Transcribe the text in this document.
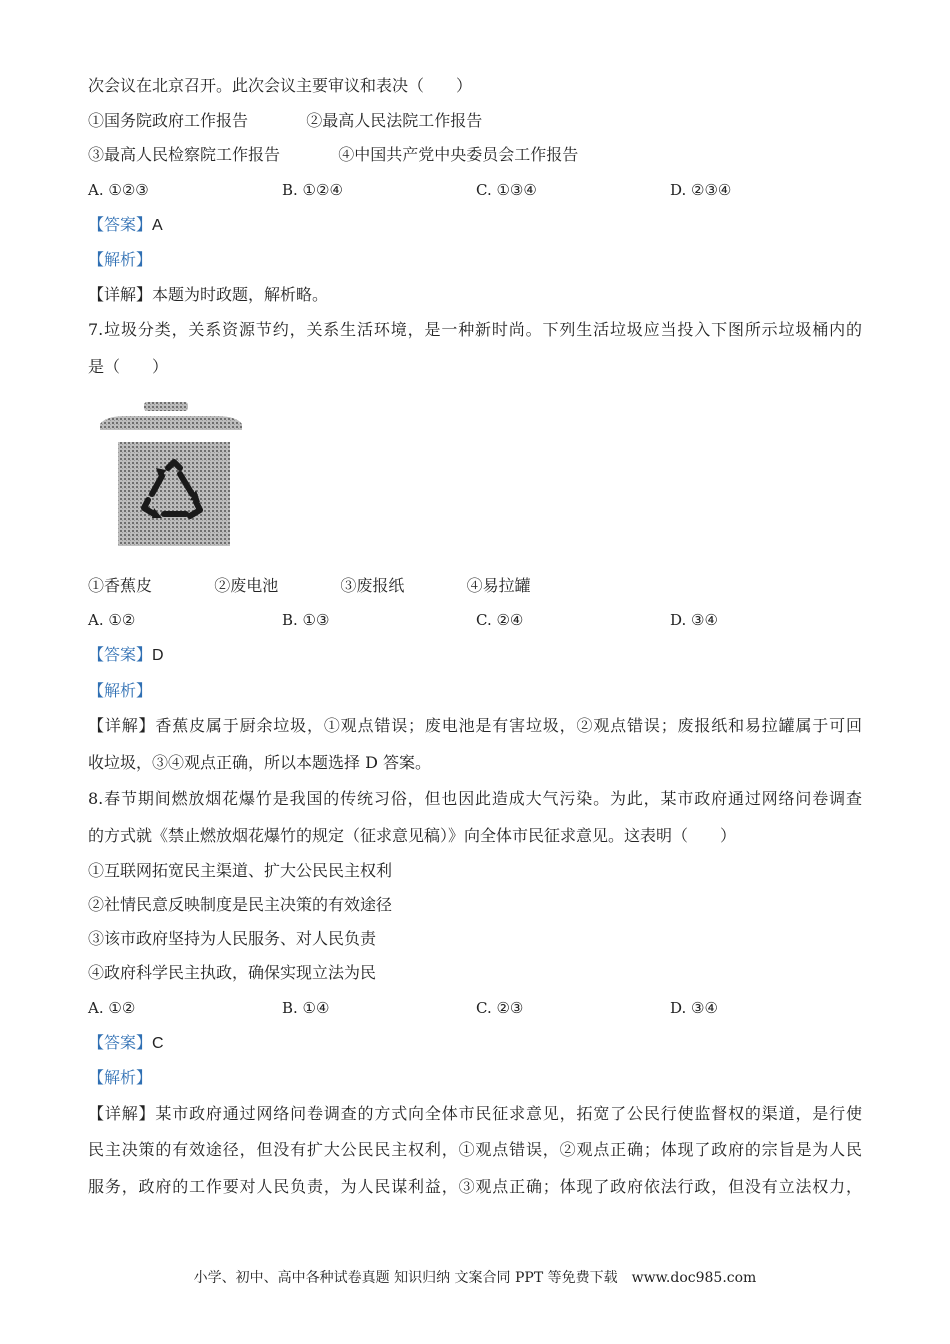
次会议在北京召开。此次会议主要审议和表决（　　）
①国务院政府工作报告	②最高人民法院工作报告
③最高人民检察院工作报告	④中国共产党中央委员会工作报告
A. ①②③	B. ①②④	C. ①③④	D. ②③④
【答案】A
【解析】
【详解】本题为时政题，解析略。
7.垃圾分类，关系资源节约，关系生活环境，是一种新时尚。下列生活垃圾应当投入下图所示垃圾桶内的
是（　　）
①香蕉皮	②废电池	③废报纸	④易拉罐
A. ①②	B. ①③	C. ②④	D. ③④
【答案】D
【解析】
【详解】香蕉皮属于厨余垃圾，①观点错误；废电池是有害垃圾，②观点错误；废报纸和易拉罐属于可回
收垃圾，③④观点正确，所以本题选择 D 答案。
8.春节期间燃放烟花爆竹是我国的传统习俗，但也因此造成大气污染。为此，某市政府通过网络问卷调查
的方式就《禁止燃放烟花爆竹的规定（征求意见稿）》向全体市民征求意见。这表明（　　）
①互联网拓宽民主渠道、扩大公民民主权利
②社情民意反映制度是民主决策的有效途径
③该市政府坚持为人民服务、对人民负责
④政府科学民主执政，确保实现立法为民
A. ①②	B. ①④	C. ②③	D. ③④
【答案】C
【解析】
【详解】某市政府通过网络问卷调查的方式向全体市民征求意见，拓宽了公民行使监督权的渠道，是行使
民主决策的有效途径，但没有扩大公民民主权利，①观点错误，②观点正确；体现了政府的宗旨是为人民
服务，政府的工作要对人民负责，为人民谋利益，③观点正确；体现了政府依法行政，但没有立法权力，
小学、初中、高中各种试卷真题 知识归纳 文案合同 PPT 等免费下载　www.doc985.com
